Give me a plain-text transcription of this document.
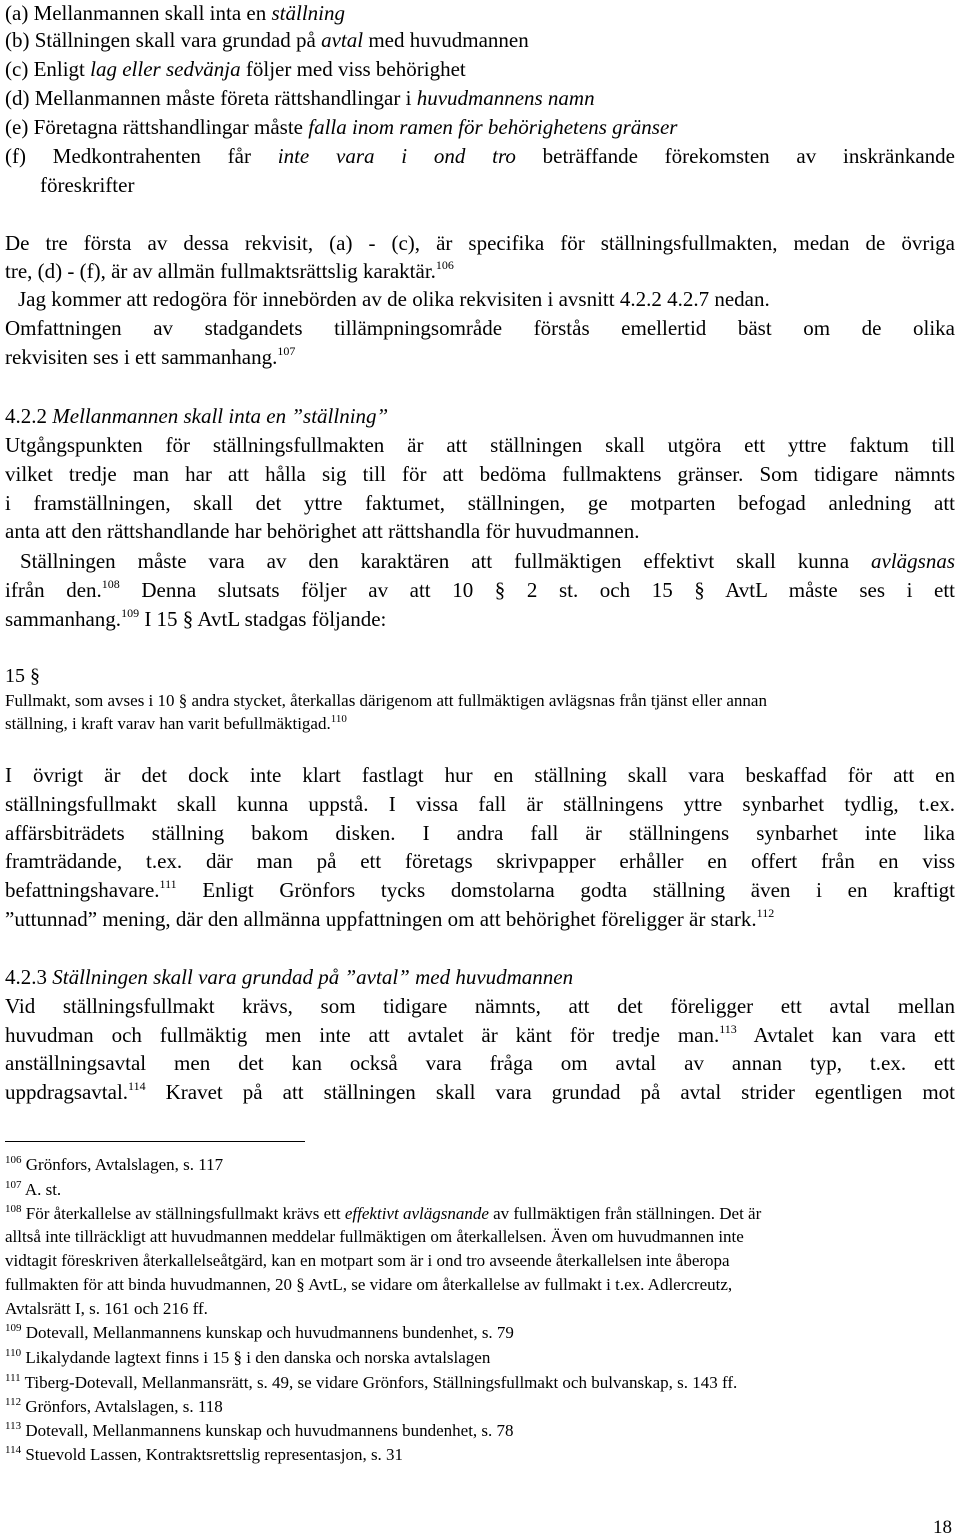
(a) Mellanmannen skall inta en ställning
(b) Ställningen skall vara grundad på avtal med huvudmannen
(c) Enligt lag eller sedvänja följer med viss behörighet
(d) Mellanmannen måste företa rättshandlingar i huvudmannens namn
(e) Företagna rättshandlingar måste falla inom ramen för behörighetens gränser
(f) Medkontrahenten får inte vara i ond tro beträffande förekomsten av inskränkande
föreskrifter
De tre första av dessa rekvisit, (a) - (c), är specifika för ställningsfullmakten, medan de övriga
tre, (d) - (f), är av allmän fullmaktsrättslig karaktär.$^{106}$
Jag kommer att redogöra för innebörden av de olika rekvisiten i avsnitt 4.2.2 4.2.7 nedan.
Omfattningen av stadgandets tillämpningsområde förstås emellertid bäst om de olika
rekvisiten ses i ett sammanhang.$^{107}$
4.2.2 Mellanmannen skall inta en ”ställning”
Utgångspunkten för ställningsfullmakten är att ställningen skall utgöra ett yttre faktum till
vilket tredje man har att hålla sig till för att bedöma fullmaktens gränser. Som tidigare nämnts
i framställningen, skall det yttre faktumet, ställningen, ge motparten befogad anledning att
anta att den rättshandlande har behörighet att rättshandla för huvudmannen.
Ställningen måste vara av den karaktären att fullmäktigen effektivt skall kunna avlägsnas
ifrån den.$^{108}$ Denna slutsats följer av att 10 § 2 st. och 15 § AvtL måste ses i ett
sammanhang.$^{109}$ I 15 § AvtL stadgas följande:
15 §
Fullmakt, som avses i 10 § andra stycket, återkallas därigenom att fullmäktigen avlägsnas från tjänst eller annan
ställning, i kraft varav han varit befullmäktigad.$^{110}$
I övrigt är det dock inte klart fastlagt hur en ställning skall vara beskaffad för att en
ställningsfullmakt skall kunna uppstå. I vissa fall är ställningens yttre synbarhet tydlig, t.ex.
affärsbiträdets ställning bakom disken. I andra fall är ställningens synbarhet inte lika
framträdande, t.ex. där man på ett företags skrivpapper erhåller en offert från en viss
befattningshavare.$^{111}$ Enligt Grönfors tycks domstolarna godta ställning även i en kraftigt
”uttunnad” mening, där den allmänna uppfattningen om att behörighet föreligger är stark.$^{112}$
4.2.3 Ställningen skall vara grundad på ”avtal” med huvudmannen
Vid ställningsfullmakt krävs, som tidigare nämnts, att det föreligger ett avtal mellan
huvudman och fullmäktig men inte att avtalet är känt för tredje man.$^{113}$ Avtalet kan vara ett
anställningsavtal men det kan också vara fråga om avtal av annan typ, t.ex. ett
uppdragsavtal.$^{114}$ Kravet på att ställningen skall vara grundad på avtal strider egentligen mot
$^{106}$ Grönfors, Avtalslagen, s. 117
$^{107}$ A. st.
$^{108}$ För återkallelse av ställningsfullmakt krävs ett effektivt avlägsnande av fullmäktigen från ställningen. Det är
alltså inte tillräckligt att huvudmannen meddelar fullmäktigen om återkallelsen. Även om huvudmannen inte
vidtagit föreskriven återkallelseåtgärd, kan en motpart som är i ond tro avseende återkallelsen inte åberopa
fullmakten för att binda huvudmannen, 20 § AvtL, se vidare om återkallelse av fullmakt i t.ex. Adlercreutz,
Avtalsrätt I, s. 161 och 216 ff.
$^{109}$ Dotevall, Mellanmannens kunskap och huvudmannens bundenhet, s. 79
$^{110}$ Likalydande lagtext finns i 15 § i den danska och norska avtalslagen
$^{111}$ Tiberg-Dotevall, Mellanmansrätt, s. 49, se vidare Grönfors, Ställningsfullmakt och bulvanskap, s. 143 ff.
$^{112}$ Grönfors, Avtalslagen, s. 118
$^{113}$ Dotevall, Mellanmannens kunskap och huvudmannens bundenhet, s. 78
$^{114}$ Stuevold Lassen, Kontraktsrettslig representasjon, s. 31
18
